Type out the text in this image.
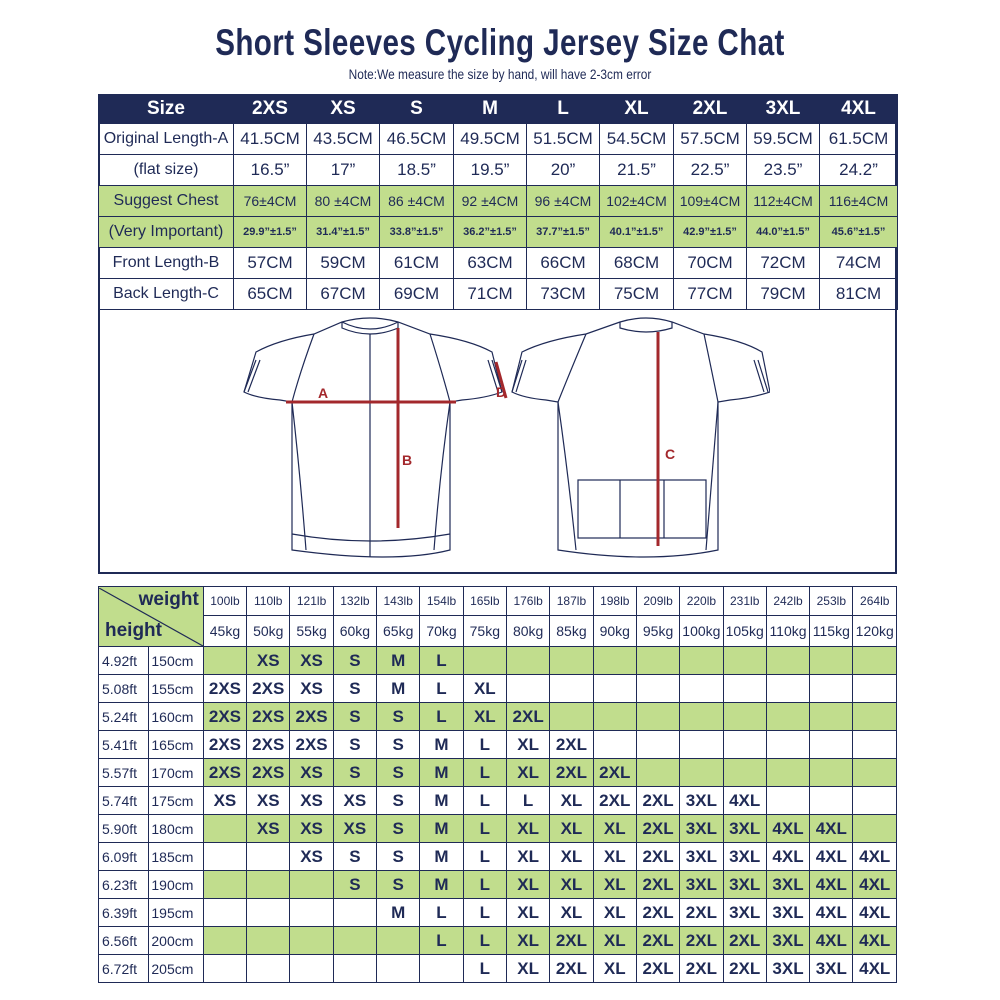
Short Sleeves Cycling Jersey Size Chat
Note:We measure the size by hand, will have 2-3cm error
Size	2XS	XS	S	M	L	XL	2XL	3XL	4XL
Original Length-A	41.5CM	43.5CM	46.5CM	49.5CM	51.5CM	54.5CM	57.5CM	59.5CM	61.5CM
(flat size)	16.5”	17”	18.5”	19.5”	20”	21.5”	22.5”	23.5”	24.2”
Suggest Chest	76±4CM	80 ±4CM	86 ±4CM	92 ±4CM	96 ±4CM	102±4CM	109±4CM	112±4CM	116±4CM
(Very Important)	29.9”±1.5”	31.4”±1.5”	33.8”±1.5”	36.2”±1.5”	37.7”±1.5”	40.1”±1.5”	42.9”±1.5”	44.0”±1.5”	45.6”±1.5”
Front Length-B	57CM	59CM	61CM	63CM	66CM	68CM	70CM	72CM	74CM
Back Length-C	65CM	67CM	69CM	71CM	73CM	75CM	77CM	79CM	81CM
A
B	C
D
weight
height		100lb	110lb	121lb	132lb	143lb	154lb	165lb	176lb	187lb	198lb	209lb	220lb	231lb	242lb	253lb	264lb
		45kg	50kg	55kg	60kg	65kg	70kg	75kg	80kg	85kg	90kg	95kg	100kg	105kg	110kg	115kg	120kg
4.92ft	150cm		XS	XS	S	M	L										
5.08ft	155cm	2XS	2XS	XS	S	M	L	XL									
5.24ft	160cm	2XS	2XS	2XS	S	S	L	XL	2XL								
5.41ft	165cm	2XS	2XS	2XS	S	S	M	L	XL	2XL							
5.57ft	170cm	2XS	2XS	XS	S	S	M	L	XL	2XL	2XL						
5.74ft	175cm	XS	XS	XS	XS	S	M	L	L	XL	2XL	2XL	3XL	4XL			
5.90ft	180cm		XS	XS	XS	S	M	L	XL	XL	XL	2XL	3XL	3XL	4XL	4XL	
6.09ft	185cm			XS	S	S	M	L	XL	XL	XL	2XL	3XL	3XL	4XL	4XL	4XL
6.23ft	190cm				S	S	M	L	XL	XL	XL	2XL	3XL	3XL	3XL	4XL	4XL
6.39ft	195cm					M	L	L	XL	XL	XL	2XL	2XL	3XL	3XL	4XL	4XL
6.56ft	200cm						L	L	XL	2XL	XL	2XL	2XL	2XL	3XL	4XL	4XL
6.72ft	205cm							L	XL	2XL	XL	2XL	2XL	2XL	3XL	3XL	4XL
